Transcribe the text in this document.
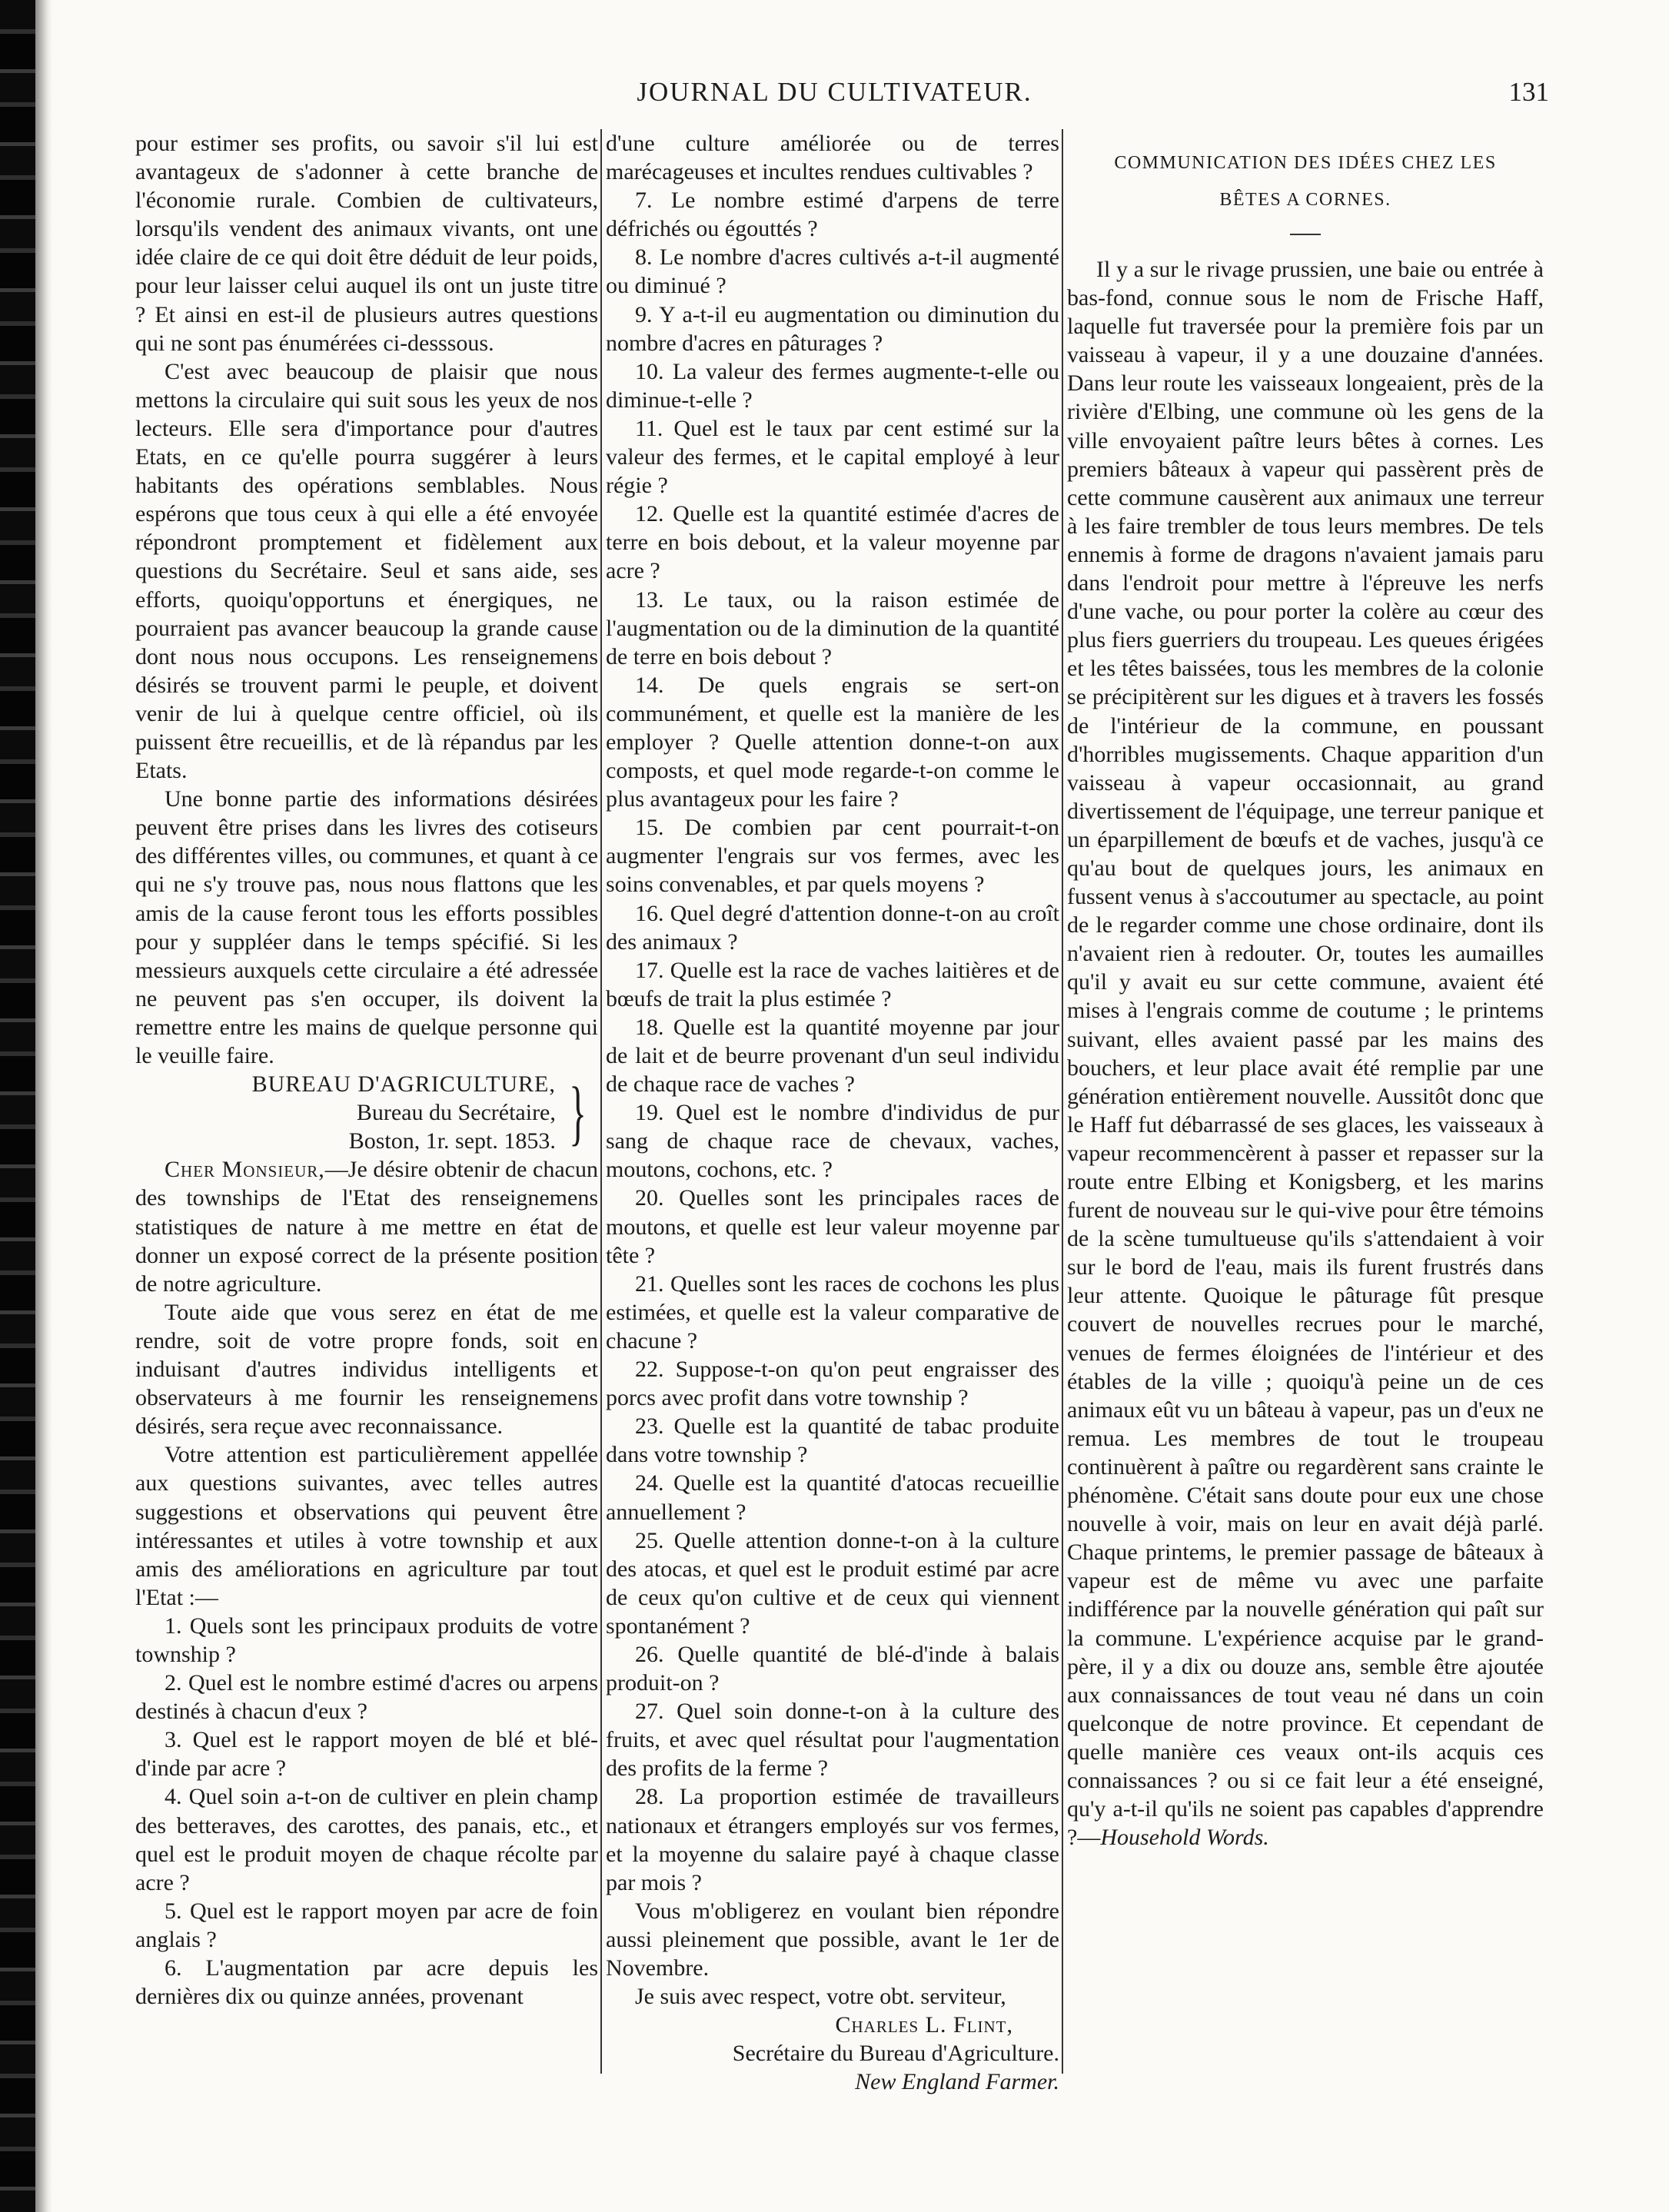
JOURNAL DU CULTIVATEUR.	131

pour estimer ses profits, ou savoir s'il lui est avantageux de s'adonner à cette branche de l'économie rurale. Combien de cultivateurs, lorsqu'ils vendent des animaux vivants, ont une idée claire de ce qui doit être déduit de leur poids, pour leur laisser celui auquel ils ont un juste titre ? Et ainsi en est-il de plusieurs autres questions qui ne sont pas énumérées ci-desssous.

C'est avec beaucoup de plaisir que nous mettons la circulaire qui suit sous les yeux de nos lecteurs. Elle sera d'importance pour d'autres Etats, en ce qu'elle pourra suggérer à leurs habitants des opérations semblables. Nous espérons que tous ceux à qui elle a été envoyée répondront promptement et fidèlement aux questions du Secrétaire. Seul et sans aide, ses efforts, quoiqu'opportuns et énergiques, ne pourraient pas avancer beaucoup la grande cause dont nous nous occupons. Les renseignemens désirés se trouvent parmi le peuple, et doivent venir de lui à quelque centre officiel, où ils puissent être recueillis, et de là répandus par les Etats.

Une bonne partie des informations désirées peuvent être prises dans les livres des cotiseurs des différentes villes, ou communes, et quant à ce qui ne s'y trouve pas, nous nous flattons que les amis de la cause feront tous les efforts possibles pour y suppléer dans le temps spécifié. Si les messieurs auxquels cette circulaire a été adressée ne peuvent pas s'en occuper, ils doivent la remettre entre les mains de quelque personne qui le veuille faire.

BUREAU D'AGRICULTURE,
Bureau du Secrétaire,
Boston, 1r. sept. 1853. }

Cher Monsieur,—Je désire obtenir de chacun des townships de l'Etat des renseignemens statistiques de nature à me mettre en état de donner un exposé correct de la présente position de notre agriculture.

Toute aide que vous serez en état de me rendre, soit de votre propre fonds, soit en induisant d'autres individus intelligents et observateurs à me fournir les renseignemens désirés, sera reçue avec reconnaissance.

Votre attention est particulièrement appellée aux questions suivantes, avec telles autres suggestions et observations qui peuvent être intéressantes et utiles à votre township et aux amis des améliorations en agriculture par tout l'Etat :—

1. Quels sont les principaux produits de votre township ?

2. Quel est le nombre estimé d'acres ou arpens destinés à chacun d'eux ?

3. Quel est le rapport moyen de blé et blé-d'inde par acre ?

4. Quel soin a-t-on de cultiver en plein champ des betteraves, des carottes, des panais, etc., et quel est le produit moyen de chaque récolte par acre ?

5. Quel est le rapport moyen par acre de foin anglais ?

6. L'augmentation par acre depuis les dernières dix ou quinze années, provenant

d'une culture améliorée ou de terres marécageuses et incultes rendues cultivables ?

7. Le nombre estimé d'arpens de terre défrichés ou égouttés ?

8. Le nombre d'acres cultivés a-t-il augmenté ou diminué ?

9. Y a-t-il eu augmentation ou diminution du nombre d'acres en pâturages ?

10. La valeur des fermes augmente-t-elle ou diminue-t-elle ?

11. Quel est le taux par cent estimé sur la valeur des fermes, et le capital employé à leur régie ?

12. Quelle est la quantité estimée d'acres de terre en bois debout, et la valeur moyenne par acre ?

13. Le taux, ou la raison estimée de l'augmentation ou de la diminution de la quantité de terre en bois debout ?

14. De quels engrais se sert-on communément, et quelle est la manière de les employer ? Quelle attention donne-t-on aux composts, et quel mode regarde-t-on comme le plus avantageux pour les faire ?

15. De combien par cent pourrait-t-on augmenter l'engrais sur vos fermes, avec les soins convenables, et par quels moyens ?

16. Quel degré d'attention donne-t-on au croît des animaux ?

17. Quelle est la race de vaches laitières et de bœufs de trait la plus estimée ?

18. Quelle est la quantité moyenne par jour de lait et de beurre provenant d'un seul individu de chaque race de vaches ?

19. Quel est le nombre d'individus de pur sang de chaque race de chevaux, vaches, moutons, cochons, etc. ?

20. Quelles sont les principales races de moutons, et quelle est leur valeur moyenne par tête ?

21. Quelles sont les races de cochons les plus estimées, et quelle est la valeur comparative de chacune ?

22. Suppose-t-on qu'on peut engraisser des porcs avec profit dans votre township ?

23. Quelle est la quantité de tabac produite dans votre township ?

24. Quelle est la quantité d'atocas recueillie annuellement ?

25. Quelle attention donne-t-on à la culture des atocas, et quel est le produit estimé par acre de ceux qu'on cultive et de ceux qui viennent spontanément ?

26. Quelle quantité de blé-d'inde à balais produit-on ?

27. Quel soin donne-t-on à la culture des fruits, et avec quel résultat pour l'augmentation des profits de la ferme ?

28. La proportion estimée de travailleurs nationaux et étrangers employés sur vos fermes, et la moyenne du salaire payé à chaque classe par mois ?

Vous m'obligerez en voulant bien répondre aussi pleinement que possible, avant le 1er de Novembre.

Je suis avec respect, votre obt. serviteur,

Charles L. Flint,

Secrétaire du Bureau d'Agriculture.

New England Farmer.

COMMUNICATION DES IDÉES CHEZ LES
BÊTES A CORNES.

Il y a sur le rivage prussien, une baie ou entrée à bas-fond, connue sous le nom de Frische Haff, laquelle fut traversée pour la première fois par un vaisseau à vapeur, il y a une douzaine d'années. Dans leur route les vaisseaux longeaient, près de la rivière d'Elbing, une commune où les gens de la ville envoyaient paître leurs bêtes à cornes. Les premiers bâteaux à vapeur qui passèrent près de cette commune causèrent aux animaux une terreur à les faire trembler de tous leurs membres. De tels ennemis à forme de dragons n'avaient jamais paru dans l'endroit pour mettre à l'épreuve les nerfs d'une vache, ou pour porter la colère au cœur des plus fiers guerriers du troupeau. Les queues érigées et les têtes baissées, tous les membres de la colonie se précipitèrent sur les digues et à travers les fossés de l'intérieur de la commune, en poussant d'horribles mugissements. Chaque apparition d'un vaisseau à vapeur occasionnait, au grand divertissement de l'équipage, une terreur panique et un éparpillement de bœufs et de vaches, jusqu'à ce qu'au bout de quelques jours, les animaux en fussent venus à s'accoutumer au spectacle, au point de le regarder comme une chose ordinaire, dont ils n'avaient rien à redouter. Or, toutes les aumailles qu'il y avait eu sur cette commune, avaient été mises à l'engrais comme de coutume ; le printems suivant, elles avaient passé par les mains des bouchers, et leur place avait été remplie par une génération entièrement nouvelle. Aussitôt donc que le Haff fut débarrassé de ses glaces, les vaisseaux à vapeur recommencèrent à passer et repasser sur la route entre Elbing et Konigsberg, et les marins furent de nouveau sur le qui-vive pour être témoins de la scène tumultueuse qu'ils s'attendaient à voir sur le bord de l'eau, mais ils furent frustrés dans leur attente. Quoique le pâturage fût presque couvert de nouvelles recrues pour le marché, venues de fermes éloignées de l'intérieur et des étables de la ville ; quoiqu'à peine un de ces animaux eût vu un bâteau à vapeur, pas un d'eux ne remua. Les membres de tout le troupeau continuèrent à paître ou regardèrent sans crainte le phénomène. C'était sans doute pour eux une chose nouvelle à voir, mais on leur en avait déjà parlé. Chaque printems, le premier passage de bâteaux à vapeur est de même vu avec une parfaite indifférence par la nouvelle génération qui paît sur la commune. L'expérience acquise par le grand-père, il y a dix ou douze ans, semble être ajoutée aux connaissances de tout veau né dans un coin quelconque de notre province. Et cependant de quelle manière ces veaux ont-ils acquis ces connaissances ? ou si ce fait leur a été enseigné, qu'y a-t-il qu'ils ne soient pas capables d'apprendre ?—Household Words.
